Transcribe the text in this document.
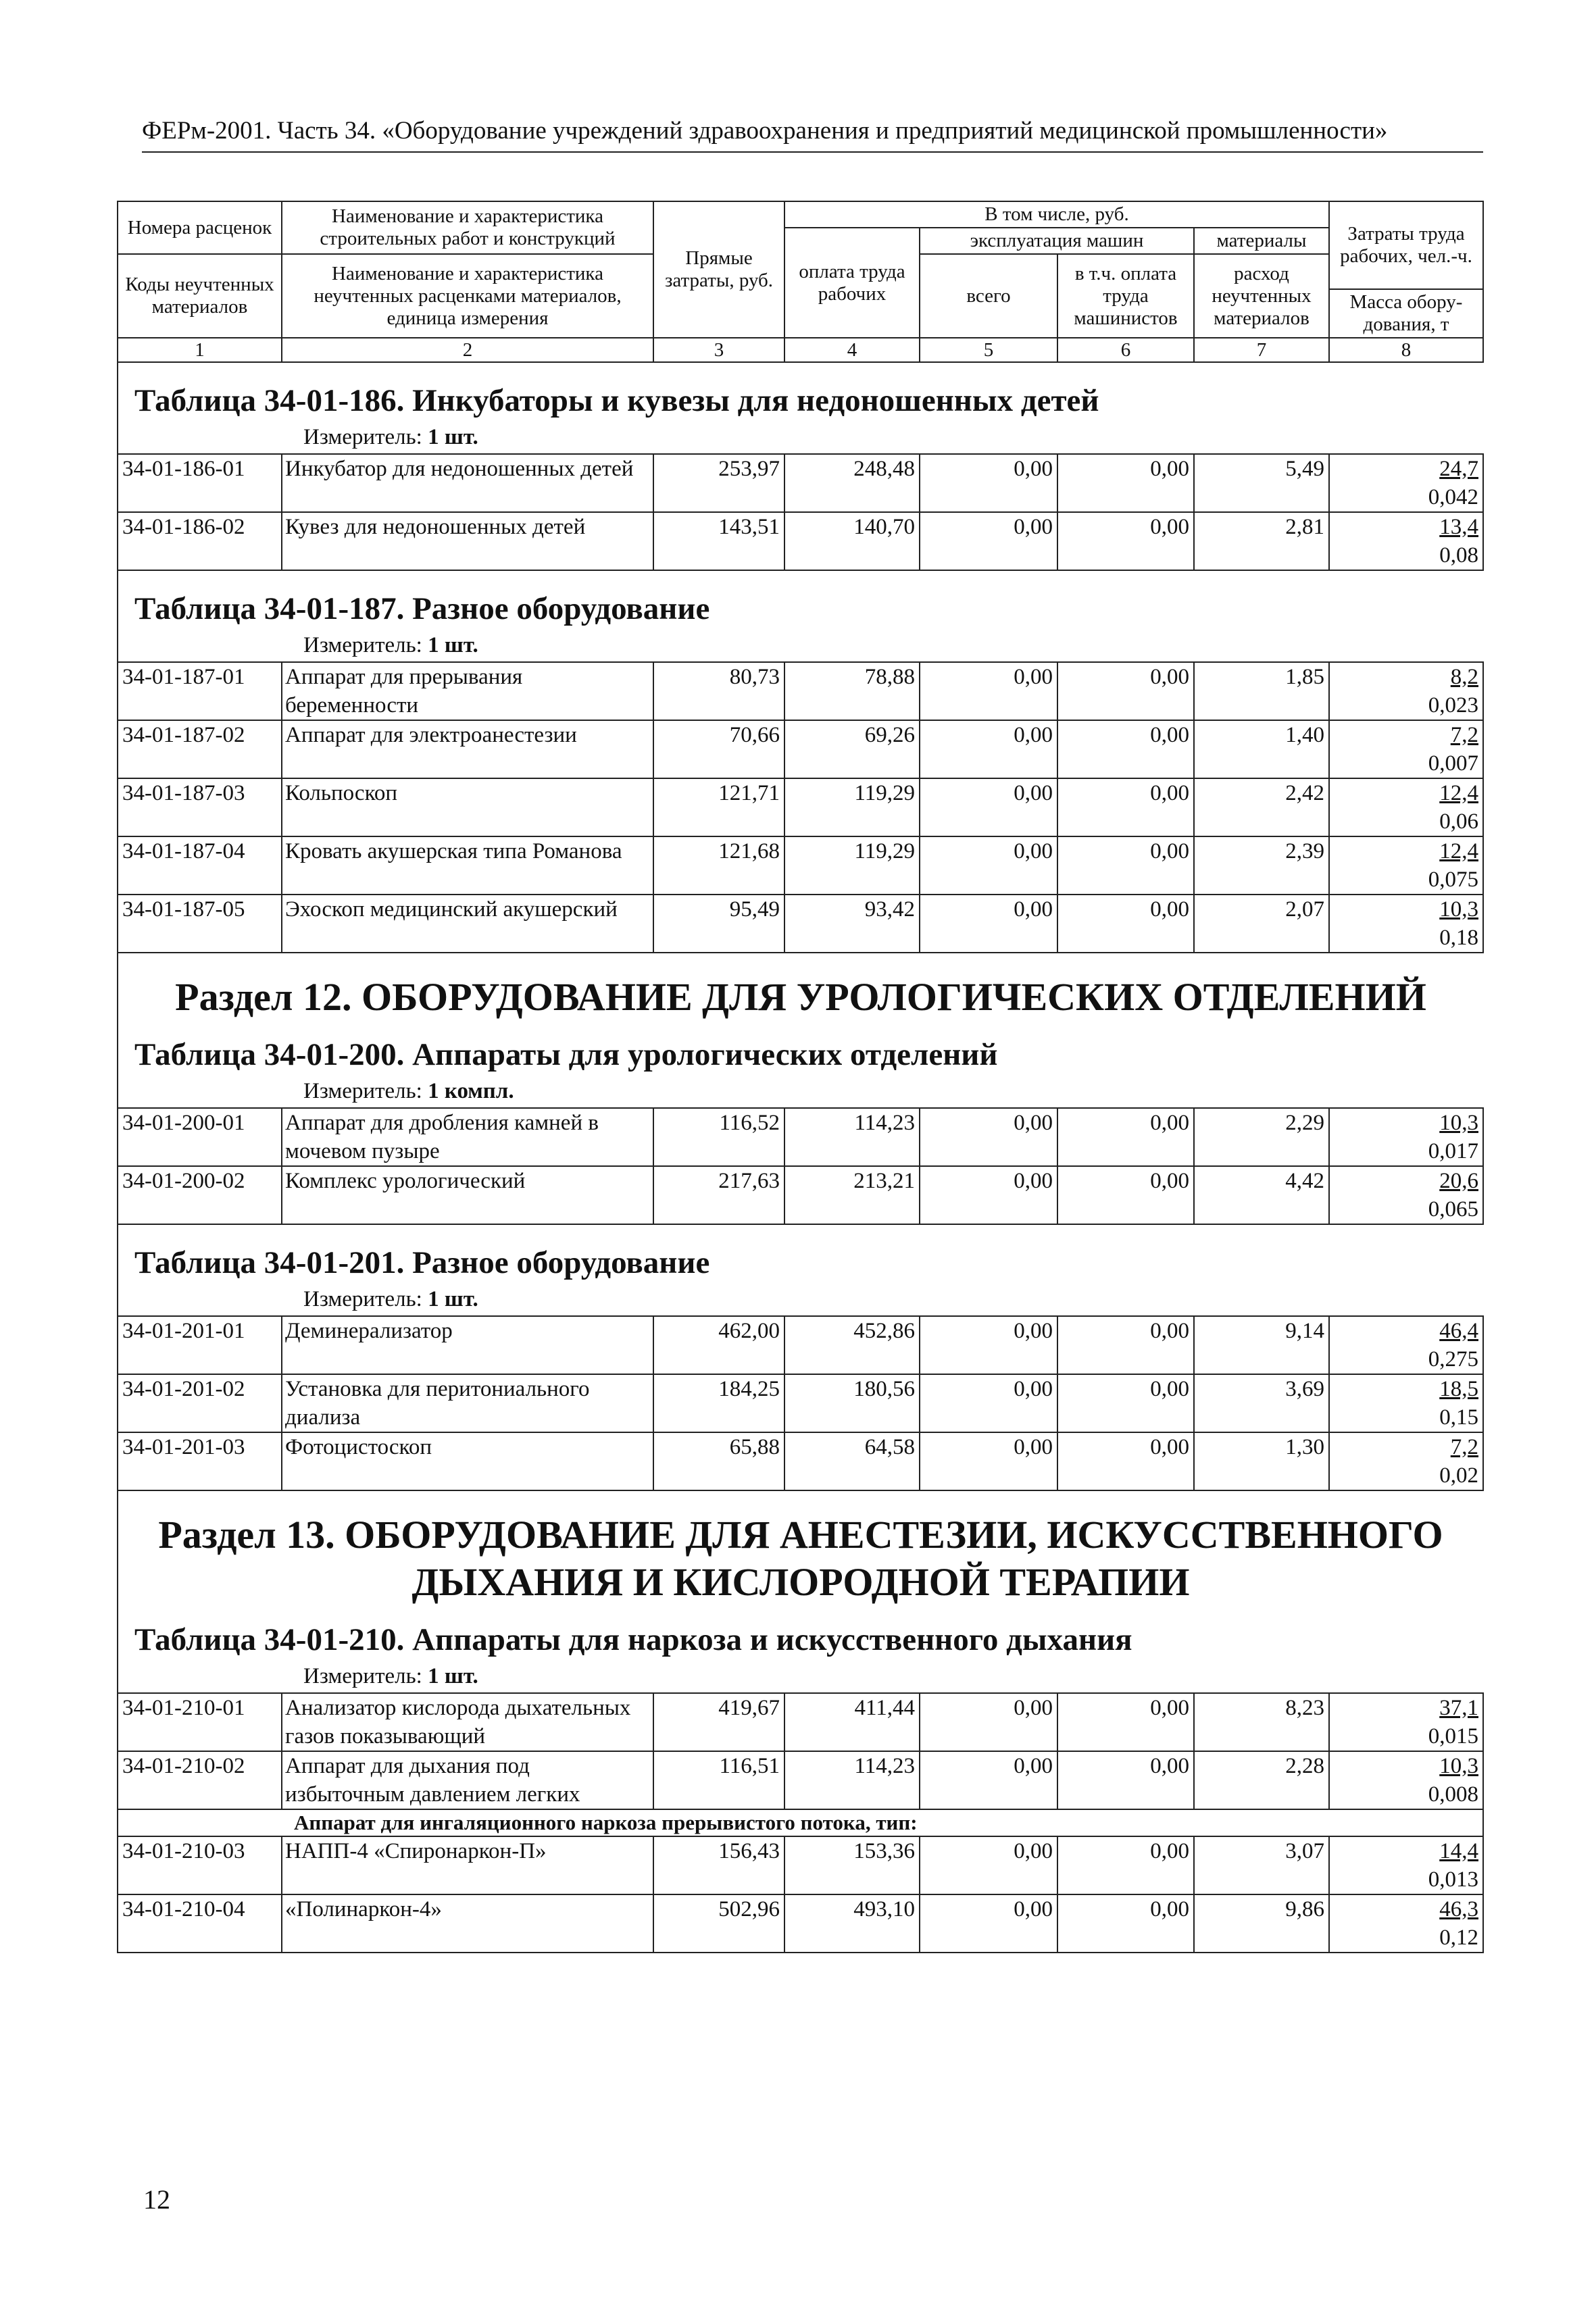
ФЕРм-2001. Часть 34. «Оборудование учреждений здравоохранения и предприятий медицинской промышленности»
Номера расценок	Наименование и характеристика строительных работ и конструкций	Прямые затраты, руб.	В том числе, руб.				Затраты труда рабочих, чел.-ч.
			оплата труда рабочих	эксплуатация машин		материалы	
Коды неучтенных материалов	Наименование и характеристика неучтенных расценками материалов, единица измерения			всего	в т.ч. оплата труда машинистов	расход неучтенных материалов	
							Масса обору-дования, т
1	2	3	4	5	6	7	8

Таблица 34-01-186. Инкубаторы и кувезы для недоношенных детей
Измеритель: 1 шт.							

34-01-186-01	Инкубатор для недоношенных детей	253,97	248,48	0,00	0,00	5,49	24,7
0,042

34-01-186-02	Кувез для недоношенных детей	143,51	140,70	0,00	0,00	2,81	13,4
0,08

Таблица 34-01-187. Разное оборудование
Измеритель: 1 шт.							

34-01-187-01	Аппарат для прерывания беременности	80,73	78,88	0,00	0,00	1,85	8,2
0,023

34-01-187-02	Аппарат для электроанестезии	70,66	69,26	0,00	0,00	1,40	7,2
0,007

34-01-187-03	Кольпоскоп	121,71	119,29	0,00	0,00	2,42	12,4
0,06

34-01-187-04	Кровать акушерская типа Романова	121,68	119,29	0,00	0,00	2,39	12,4
0,075

34-01-187-05	Эхоскоп медицинский акушерский	95,49	93,42	0,00	0,00	2,07	10,3
0,18

Раздел 12. ОБОРУДОВАНИЕ ДЛЯ УРОЛОГИЧЕСКИХ ОТДЕЛЕНИЙ							

Таблица 34-01-200. Аппараты для урологических отделений
Измеритель: 1 компл.							

34-01-200-01	Аппарат для дробления камней в мочевом пузыре	116,52	114,23	0,00	0,00	2,29	10,3
0,017

34-01-200-02	Комплекс урологический	217,63	213,21	0,00	0,00	4,42	20,6
0,065

Таблица 34-01-201. Разное оборудование
Измеритель: 1 шт.							

34-01-201-01	Деминерализатор	462,00	452,86	0,00	0,00	9,14	46,4
0,275

34-01-201-02	Установка для перитониального диализа	184,25	180,56	0,00	0,00	3,69	18,5
0,15

34-01-201-03	Фотоцистоскоп	65,88	64,58	0,00	0,00	1,30	7,2
0,02

Раздел 13. ОБОРУДОВАНИЕ ДЛЯ АНЕСТЕЗИИ, ИСКУССТВЕННОГО ДЫХАНИЯ И КИСЛОРОДНОЙ ТЕРАПИИ							

Таблица 34-01-210. Аппараты для наркоза и искусственного дыхания
Измеритель: 1 шт.							

34-01-210-01	Анализатор кислорода дыхательных газов показывающий	419,67	411,44	0,00	0,00	8,23	37,1
0,015

34-01-210-02	Аппарат для дыхания под избыточным давлением легких	116,51	114,23	0,00	0,00	2,28	10,3
0,008

Аппарат для ингаляционного наркоза прерывистого потока, тип:							
34-01-210-03	НАПП-4 «Спиронаркон-П»	156,43	153,36	0,00	0,00	3,07	14,4
0,013

34-01-210-04	«Полинаркон-4»	502,96	493,10	0,00	0,00	9,86	46,3
0,12
12
